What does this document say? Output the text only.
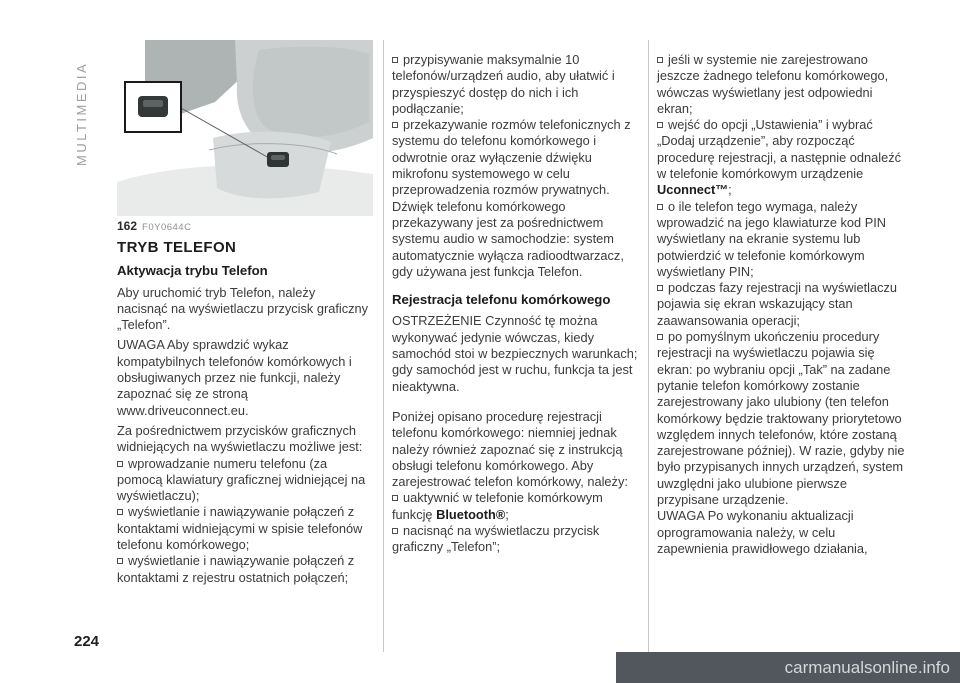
MULTIMEDIA
162 F0Y0644C
TRYB TELEFON
Aktywacja trybu Telefon

Aby uruchomić tryb Telefon, należy nacisnąć na wyświetlaczu przycisk graficzny „Telefon”.

UWAGA Aby sprawdzić wykaz kompatybilnych telefonów komórkowych i obsługiwanych przez nie funkcji, należy zapoznać się ze stroną www.driveuconnect.eu.

Za pośrednictwem przycisków graficznych widniejących na wyświetlaczu możliwe jest:

wprowadzanie numeru telefonu (za pomocą klawiatury graficznej widniejącej na wyświetlaczu);

wyświetlanie i nawiązywanie połączeń z kontaktami widniejącymi w spisie telefonów telefonu komórkowego;

wyświetlanie i nawiązywanie połączeń z kontaktami z rejestru ostatnich połączeń;

przypisywanie maksymalnie 10 telefonów/urządzeń audio, aby ułatwić i przyspieszyć dostęp do nich i ich podłączanie;

przekazywanie rozmów telefonicznych z systemu do telefonu komórkowego i odwrotnie oraz wyłączenie dźwięku mikrofonu systemowego w celu przeprowadzenia rozmów prywatnych.

Dźwięk telefonu komórkowego przekazywany jest za pośrednictwem systemu audio w samochodzie: system automatycznie wyłącza radioodtwarzacz, gdy używana jest funkcja Telefon.

Rejestracja telefonu komórkowego

OSTRZEŻENIE Czynność tę można wykonywać jedynie wówczas, kiedy samochód stoi w bezpiecznych warunkach; gdy samochód jest w ruchu, funkcja ta jest nieaktywna.

Poniżej opisano procedurę rejestracji telefonu komórkowego: niemniej jednak należy również zapoznać się z instrukcją obsługi telefonu komórkowego. Aby zarejestrować telefon komórkowy, należy:

uaktywnić w telefonie komórkowym funkcję Bluetooth®;

nacisnąć na wyświetlaczu przycisk graficzny „Telefon”;

jeśli w systemie nie zarejestrowano jeszcze żadnego telefonu komórkowego, wówczas wyświetlany jest odpowiedni ekran;

wejść do opcji „Ustawienia” i wybrać „Dodaj urządzenie”, aby rozpocząć procedurę rejestracji, a następnie odnaleźć w telefonie komórkowym urządzenie Uconnect™;

o ile telefon tego wymaga, należy wprowadzić na jego klawiaturze kod PIN wyświetlany na ekranie systemu lub potwierdzić w telefonie komórkowym wyświetlany PIN;

podczas fazy rejestracji na wyświetlaczu pojawia się ekran wskazujący stan zaawansowania operacji;

po pomyślnym ukończeniu procedury rejestracji na wyświetlaczu pojawia się ekran: po wybraniu opcji „Tak” na zadane pytanie telefon komórkowy zostanie zarejestrowany jako ulubiony (ten telefon komórkowy będzie traktowany priorytetowo względem innych telefonów, które zostaną zarejestrowane później). W razie, gdyby nie było przypisanych innych urządzeń, system uwzględni jako ulubione pierwsze przypisane urządzenie.

UWAGA Po wykonaniu aktualizacji oprogramowania należy, w celu zapewnienia prawidłowego działania,

224
carmanualsonline.info
